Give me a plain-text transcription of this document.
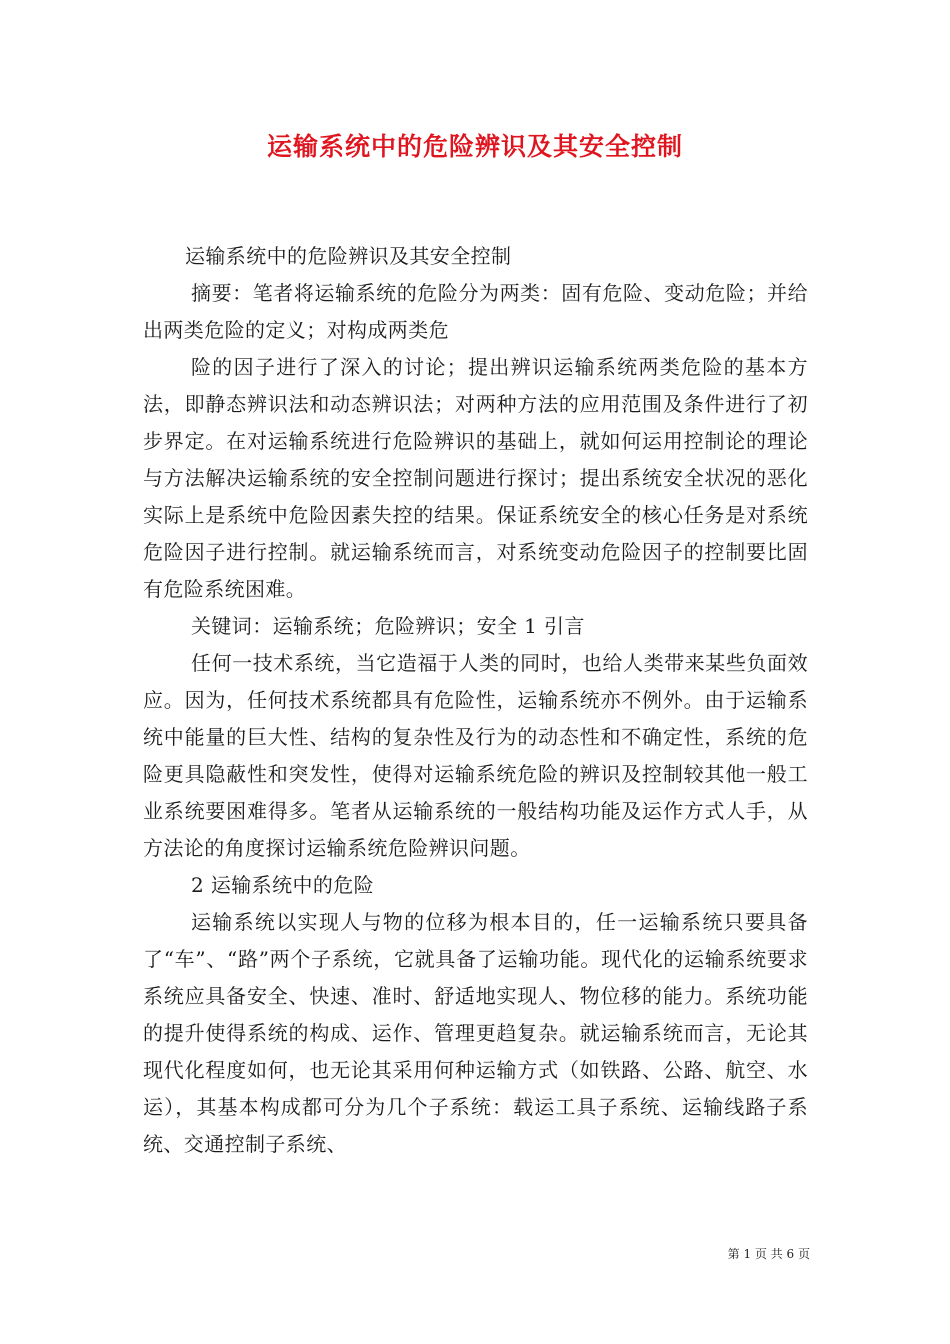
运输系统中的危险辨识及其安全控制

运输系统中的危险辨识及其安全控制

摘要：笔者将运输系统的危险分为两类：固有危险、变动危险；并给出两类危险的定义；对构成两类危

险的因子进行了深入的讨论；提出辨识运输系统两类危险的基本方法，即静态辨识法和动态辨识法；对两种方法的应用范围及条件进行了初步界定。在对运输系统进行危险辨识的基础上，就如何运用控制论的理论与方法解决运输系统的安全控制问题进行探讨；提出系统安全状况的恶化实际上是系统中危险因素失控的结果。保证系统安全的核心任务是对系统危险因子进行控制。就运输系统而言，对系统变动危险因子的控制要比固有危险系统困难。

关键词：运输系统；危险辨识；安全 1 引言

任何一技术系统，当它造福于人类的同时，也给人类带来某些负面效应。因为，任何技术系统都具有危险性，运输系统亦不例外。由于运输系统中能量的巨大性、结构的复杂性及行为的动态性和不确定性，系统的危险更具隐蔽性和突发性，使得对运输系统危险的辨识及控制较其他一般工业系统要困难得多。笔者从运输系统的一般结构功能及运作方式人手，从方法论的角度探讨运输系统危险辨识问题。

2 运输系统中的危险

运输系统以实现人与物的位移为根本目的，任一运输系统只要具备了“车”、“路”两个子系统，它就具备了运输功能。现代化的运输系统要求系统应具备安全、快速、准时、舒适地实现人、物位移的能力。系统功能的提升使得系统的构成、运作、管理更趋复杂。就运输系统而言，无论其现代化程度如何，也无论其采用何种运输方式（如铁路、公路、航空、水运），其基本构成都可分为几个子系统：载运工具子系统、运输线路子系统、交通控制子系统、

第 1 页 共 6 页
